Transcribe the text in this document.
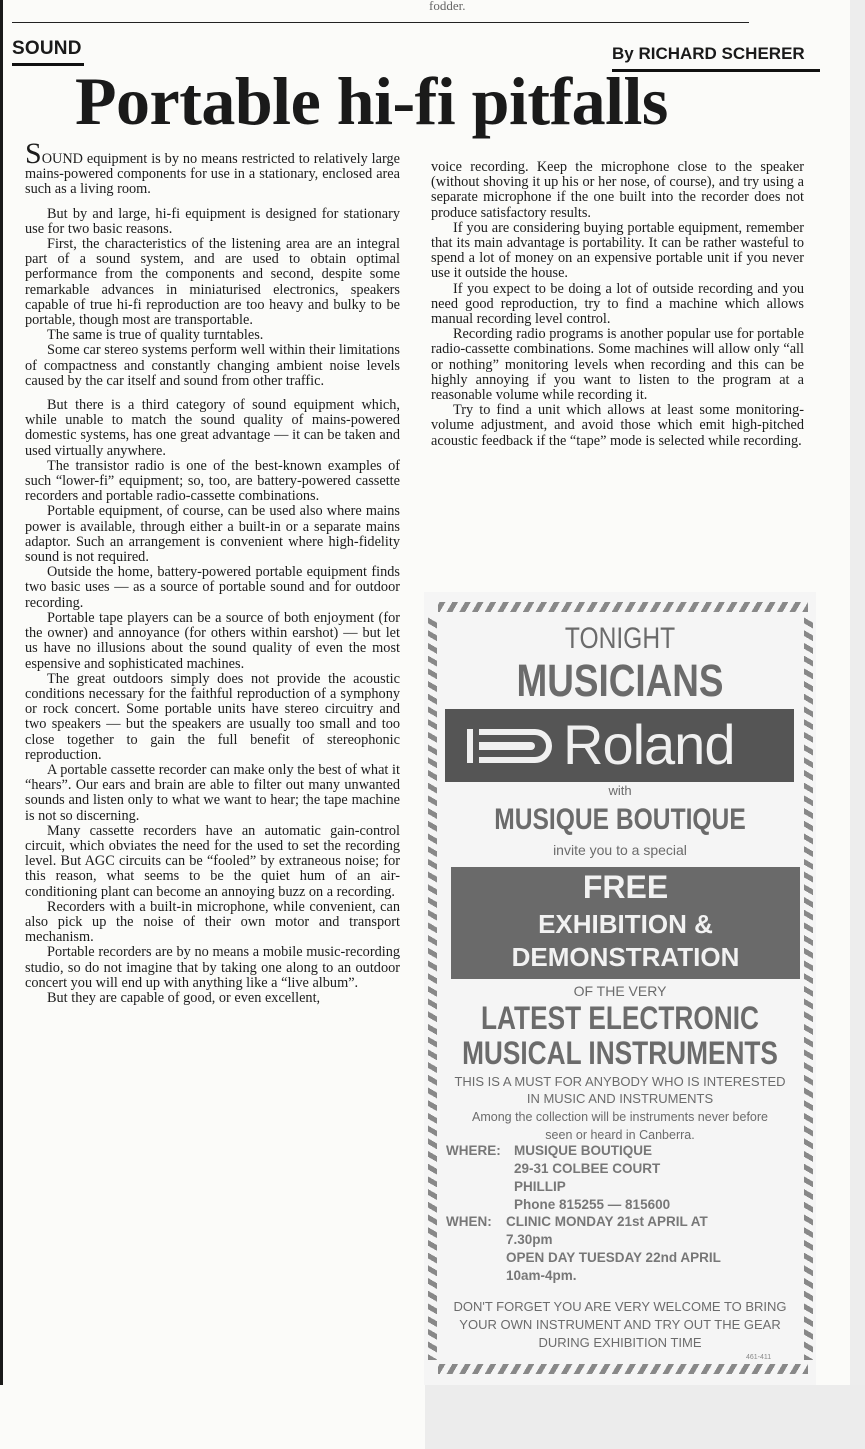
fodder.
SOUND	By RICHARD SCHERER
Portable hi-fi pitfalls

SOUND equipment is by no means restricted to relatively large mains-powered components for use in a stationary, enclosed area such as a living room.

But by and large, hi-fi equipment is designed for stationary use for two basic reasons.

First, the characteristics of the listening area are an integral part of a sound system, and are used to obtain optimal performance from the components and second, despite some remarkable advances in miniaturised electronics, speakers capable of true hi-fi reproduction are too heavy and bulky to be portable, though most are transportable.

The same is true of quality turntables.

Some car stereo systems perform well within their limitations of compactness and constantly changing ambient noise levels caused by the car itself and sound from other traffic.

But there is a third category of sound equipment which, while unable to match the sound quality of mains-powered domestic systems, has one great advantage — it can be taken and used virtually anywhere.

The transistor radio is one of the best-known examples of such “lower-fi” equipment; so, too, are battery-powered cassette recorders and portable radio-cassette combinations.

Portable equipment, of course, can be used also where mains power is available, through either a built-in or a separate mains adaptor. Such an arrangement is convenient where high-fidelity sound is not required.

Outside the home, battery-powered portable equipment finds two basic uses — as a source of portable sound and for outdoor recording.

Portable tape players can be a source of both enjoyment (for the owner) and annoyance (for others within earshot) — but let us have no illusions about the sound quality of even the most espensive and sophisticated machines.

The great outdoors simply does not provide the acoustic conditions necessary for the faithful reproduction of a symphony or rock concert. Some portable units have stereo circuitry and two speakers — but the speakers are usually too small and too close together to gain the full benefit of stereophonic reproduction.

A portable cassette recorder can make only the best of what it “hears”. Our ears and brain are able to filter out many unwanted sounds and listen only to what we want to hear; the tape machine is not so discerning.

Many cassette recorders have an automatic gain-control circuit, which obviates the need for the used to set the recording level. But AGC circuits can be “fooled” by extraneous noise; for this reason, what seems to be the quiet hum of an air-conditioning plant can become an annoying buzz on a recording.

Recorders with a built-in microphone, while convenient, can also pick up the noise of their own motor and transport mechanism.

Portable recorders are by no means a mobile music-recording studio, so do not imagine that by taking one along to an outdoor concert you will end up with anything like a “live album”.

But they are capable of good, or even excellent,

voice recording. Keep the microphone close to the speaker (without shoving it up his or her nose, of course), and try using a separate microphone if the one built into the recorder does not produce satisfactory results.

If you are considering buying portable equipment, remember that its main advantage is portability. It can be rather wasteful to spend a lot of money on an expensive portable unit if you never use it outside the house.

If you expect to be doing a lot of outside recording and you need good reproduction, try to find a machine which allows manual recording level control.

Recording radio programs is another popular use for portable radio-cassette combinations. Some machines will allow only “all or nothing” monitoring levels when recording and this can be highly annoying if you want to listen to the program at a reasonable volume while recording it.

Try to find a unit which allows at least some monitoring-volume adjustment, and avoid those which emit high-pitched acoustic feedback if the “tape” mode is selected while recording.

TONIGHT
MUSICIANS
Roland
with
MUSIQUE BOUTIQUE
invite you to a special
FREE
EXHIBITION &
DEMONSTRATION
OF THE VERY
LATEST ELECTRONIC
MUSICAL INSTRUMENTS
THIS IS A MUST FOR ANYBODY WHO IS INTERESTED
IN MUSIC AND INSTRUMENTS
Among the collection will be instruments never before
seen or heard in Canberra.
WHERE: MUSIQUE BOUTIQUE
29-31 COLBEE COURT
PHILLIP
Phone 815255 — 815600
WHEN: CLINIC MONDAY 21st APRIL AT
7.30pm
OPEN DAY TUESDAY 22nd APRIL
10am-4pm.
DON'T FORGET YOU ARE VERY WELCOME TO BRING
YOUR OWN INSTRUMENT AND TRY OUT THE GEAR
DURING EXHIBITION TIME
461-411
